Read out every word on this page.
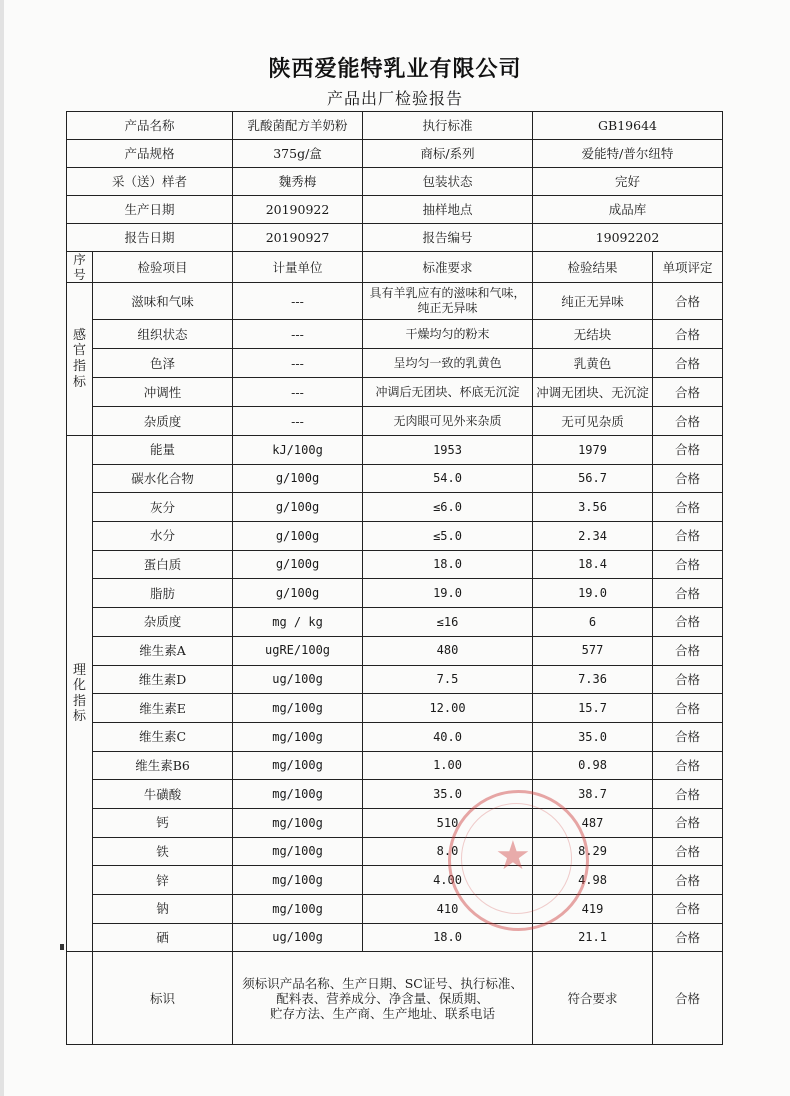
陕西爱能特乳业有限公司
产品出厂检验报告
产品名称		乳酸菌配方羊奶粉	执行标准	GB19644	
产品规格		375g/盒	商标/系列	爱能特/普尔纽特	
采（送）样者		魏秀梅	包装状态	完好	
生产日期		20190922	抽样地点	成品库	
报告日期		20190927	报告编号	19092202	
序号	检验项目	计量单位	标准要求	检验结果	单项评定

感
官
指
标	滋味和气味	---	具有羊乳应有的滋味和气味，纯正无异味	纯正无异味	合格
	组织状态	---	干燥均匀的粉末	无结块	合格
	色泽	---	呈均匀一致的乳黄色	乳黄色	合格
	冲调性	---	冲调后无团块、杯底无沉淀	冲调无团块、无沉淀	合格
	杂质度	---	无肉眼可见外来杂质	无可见杂质	合格

理
化
指
标	能量	kJ/100g	1953	1979	合格
	碳水化合物	g/100g	54.0	56.7	合格
	灰分	g/100g	≤6.0	3.56	合格
	水分	g/100g	≤5.0	2.34	合格
	蛋白质	g/100g	18.0	18.4	合格
	脂肪	g/100g	19.0	19.0	合格
	杂质度	mg / kg	≤16	6	合格
	维生素A	ugRE/100g	480	577	合格
	维生素D	ug/100g	7.5	7.36	合格
	维生素E	mg/100g	12.00	15.7	合格
	维生素C	mg/100g	40.0	35.0	合格
	维生素B6	mg/100g	1.00	0.98	合格
	牛磺酸	mg/100g	35.0	38.7	合格
	钙	mg/100g	510	487	合格
	铁	mg/100g	8.0	8.29	合格
	锌	mg/100g	4.00	4.98	合格
	钠	mg/100g	410	419	合格
	硒	ug/100g	18.0	21.1	合格
	标识	须标识产品名称、生产日期、SC证号、执行标准、
配料表、营养成分、净含量、保质期、
贮存方法、生产商、生产地址、联系电话		符合要求	合格
★
